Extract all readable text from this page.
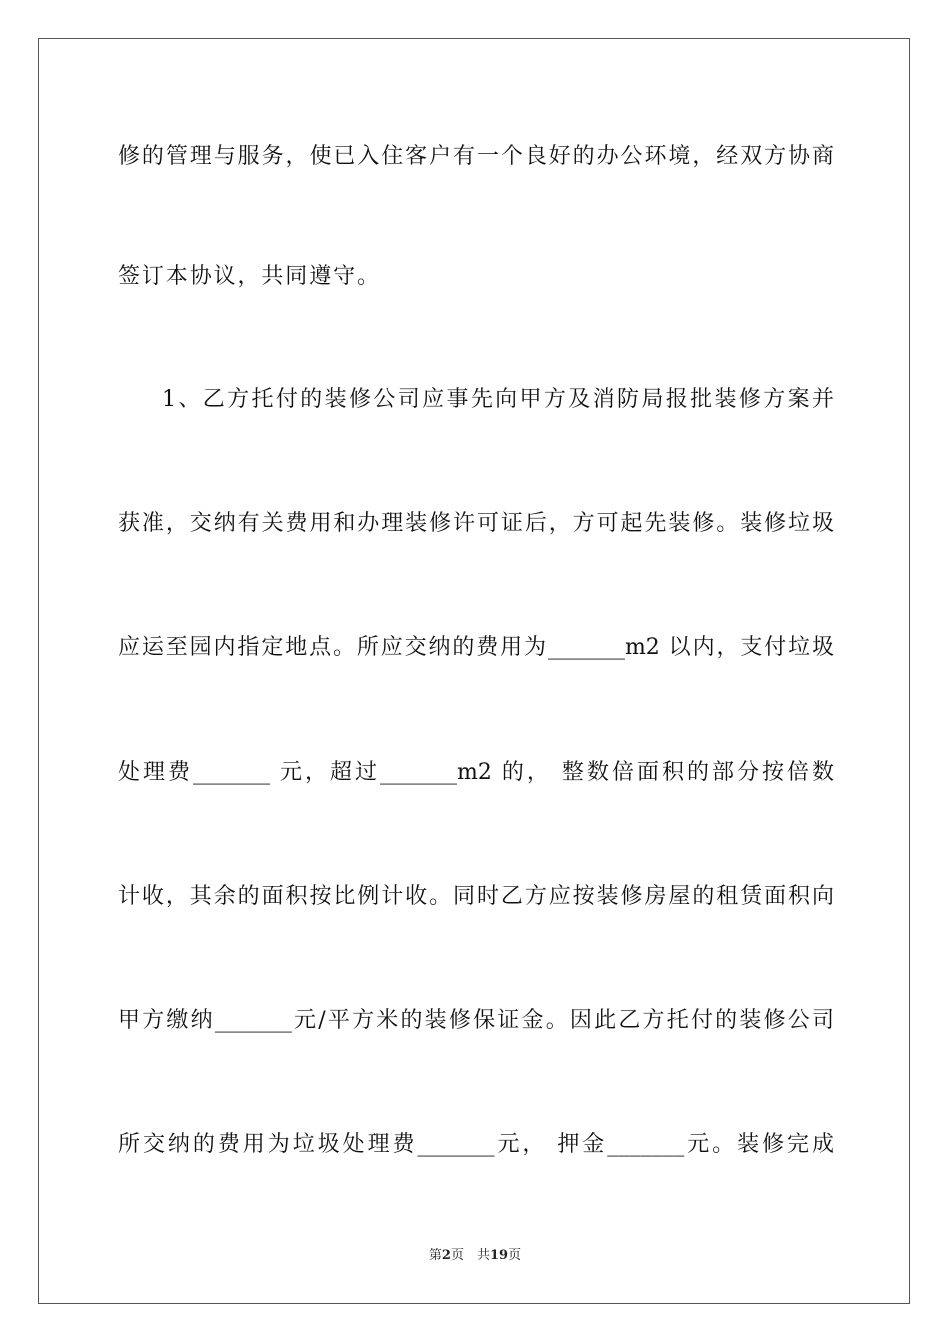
修的管理与服务，使已入住客户有一个良好的办公环境，经双方协商
签订本协议，共同遵守。
1、乙方托付的装修公司应事先向甲方及消防局报批装修方案并
获准，交纳有关费用和办理装修许可证后，方可起先装修。装修垃圾
应运至园内指定地点。所应交纳的费用为_______m2 以内，支付垃圾
处理费_______ 元，超过_______m2 的， 整数倍面积的部分按倍数
计收，其余的面积按比例计收。同时乙方应按装修房屋的租赁面积向
甲方缴纳_______元/平方米的装修保证金。因此乙方托付的装修公司
所交纳的费用为垃圾处理费_______元， 押金_______元。装修完成
第2页　共19页
